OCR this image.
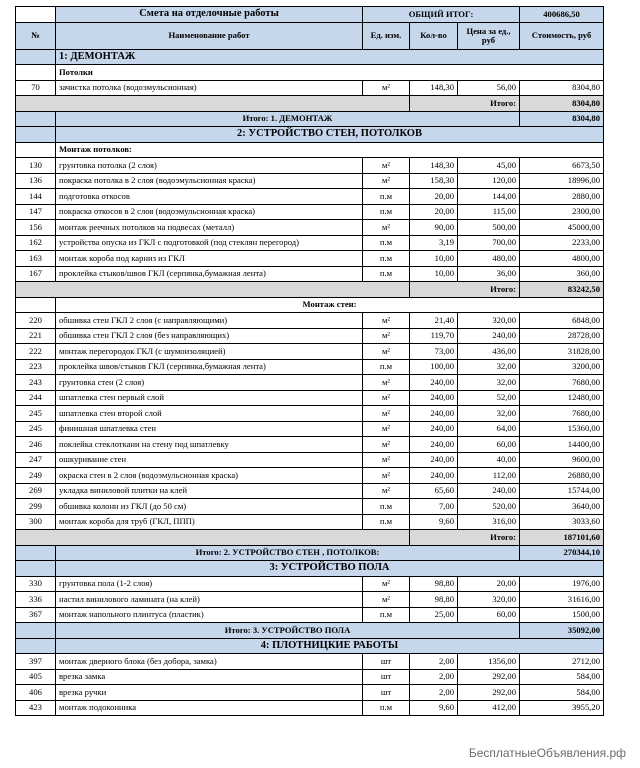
	Смета на отделочные работы	ОБЩИЙ ИТОГ:			400686,50
№	Наименование работ	Ед. изм.	Кол-во	Цена за ед., руб	Стоимость, руб
	1: ДЕМОНТАЖ				
	Потолки				
70	зачистка потолка (водоэмульсионная)	м²	148,30	56,00	8304,80
			Итого:		8304,80
	Итого: 1. ДЕМОНТАЖ				8304,80
	2: УСТРОЙСТВО СТЕН, ПОТОЛКОВ				
	Монтаж потолков:				
130	грунтовка потолка (2 слоя)	м²	148,30	45,00	6673,50
136	покраска потолка в 2 слоя (водоэмульсионная краска)	м²	158,30	120,00	18996,00
144	подготовка откосов	п.м	20,00	144,00	2880,00
147	покраска откосов в 2 слоя (водоэмульсионная краска)	п.м	20,00	115,00	2300,00
156	монтаж реечных потолков на подвесах (металл)	м²	90,00	500,00	45000,00
162	устройства опуска из ГКЛ с подготовкой (под стеклян перегород)	п.м	3,19	700,00	2233,00
163	монтаж короба под карниз из ГКЛ	п.м	10,00	480,00	4800,00
167	проклейка стыков/швов ГКЛ (серпянка,бумажная лента)	п.м	10,00	36,00	360,00
			Итого:		83242,50
	Монтаж стен:				
220	обшивка стен ГКЛ 2 слоя (с направляющими)	м²	21,40	320,00	6848,00
221	обшивка стен ГКЛ 2 слоя (без направляющих)	м²	119,70	240,00	28728,00
222	монтаж перегородок ГКЛ (с шумоизоляцией)	м²	73,00	436,00	31828,00
223	проклейка швов/стыков ГКЛ (серпянка,бумажная лента)	п.м	100,00	32,00	3200,00
243	грунтовка стен (2 слоя)	м²	240,00	32,00	7680,00
244	шпатлевка стен первый слой	м²	240,00	52,00	12480,00
245	шпатлевка стен второй слой	м²	240,00	32,00	7680,00
245	финишная шпатлевка стен	м²	240,00	64,00	15360,00
246	поклейка стеклоткани на стену под шпатлевку	м²	240,00	60,00	14400,00
247	ошкуривание стен	м²	240,00	40,00	9600,00
249	окраска стен в 2 слоя (водоэмульсионная краска)	м²	240,00	112,00	26880,00
269	укладка виниловой плитки на клей	м²	65,60	240,00	15744,00
299	обшивка колонн из ГКЛ (до 50 см)	п.м	7,00	520,00	3640,00
300	монтаж короба для труб (ГКЛ, ППП)	п.м	9,60	316,00	3033,60
			Итого:		187101,60
	Итого: 2. УСТРОЙСТВО СТЕН , ПОТОЛКОВ:				270344,10
	3: УСТРОЙСТВО ПОЛА				
330	грунтовка пола (1-2 слоя)	м²	98,80	20,00	1976,00
336	настил винилового ламината (на клей)	м²	98,80	320,00	31616,00
367	монтаж напольного плинтуса (пластик)	п.м	25,00	60,00	1500,00
	Итого: 3. УСТРОЙСТВО ПОЛА				35092,00
	4: ПЛОТНИЦКИЕ РАБОТЫ				
397	монтаж дверного блока (без добора, замка)	шт	2,00	1356,00	2712,00
405	врезка замка	шт	2,00	292,00	584,00
406	врезка ручки	шт	2,00	292,00	584,00
423	монтаж подоконника	п.м	9,60	412,00	3955,20
БесплатныеОбъявления.рф
